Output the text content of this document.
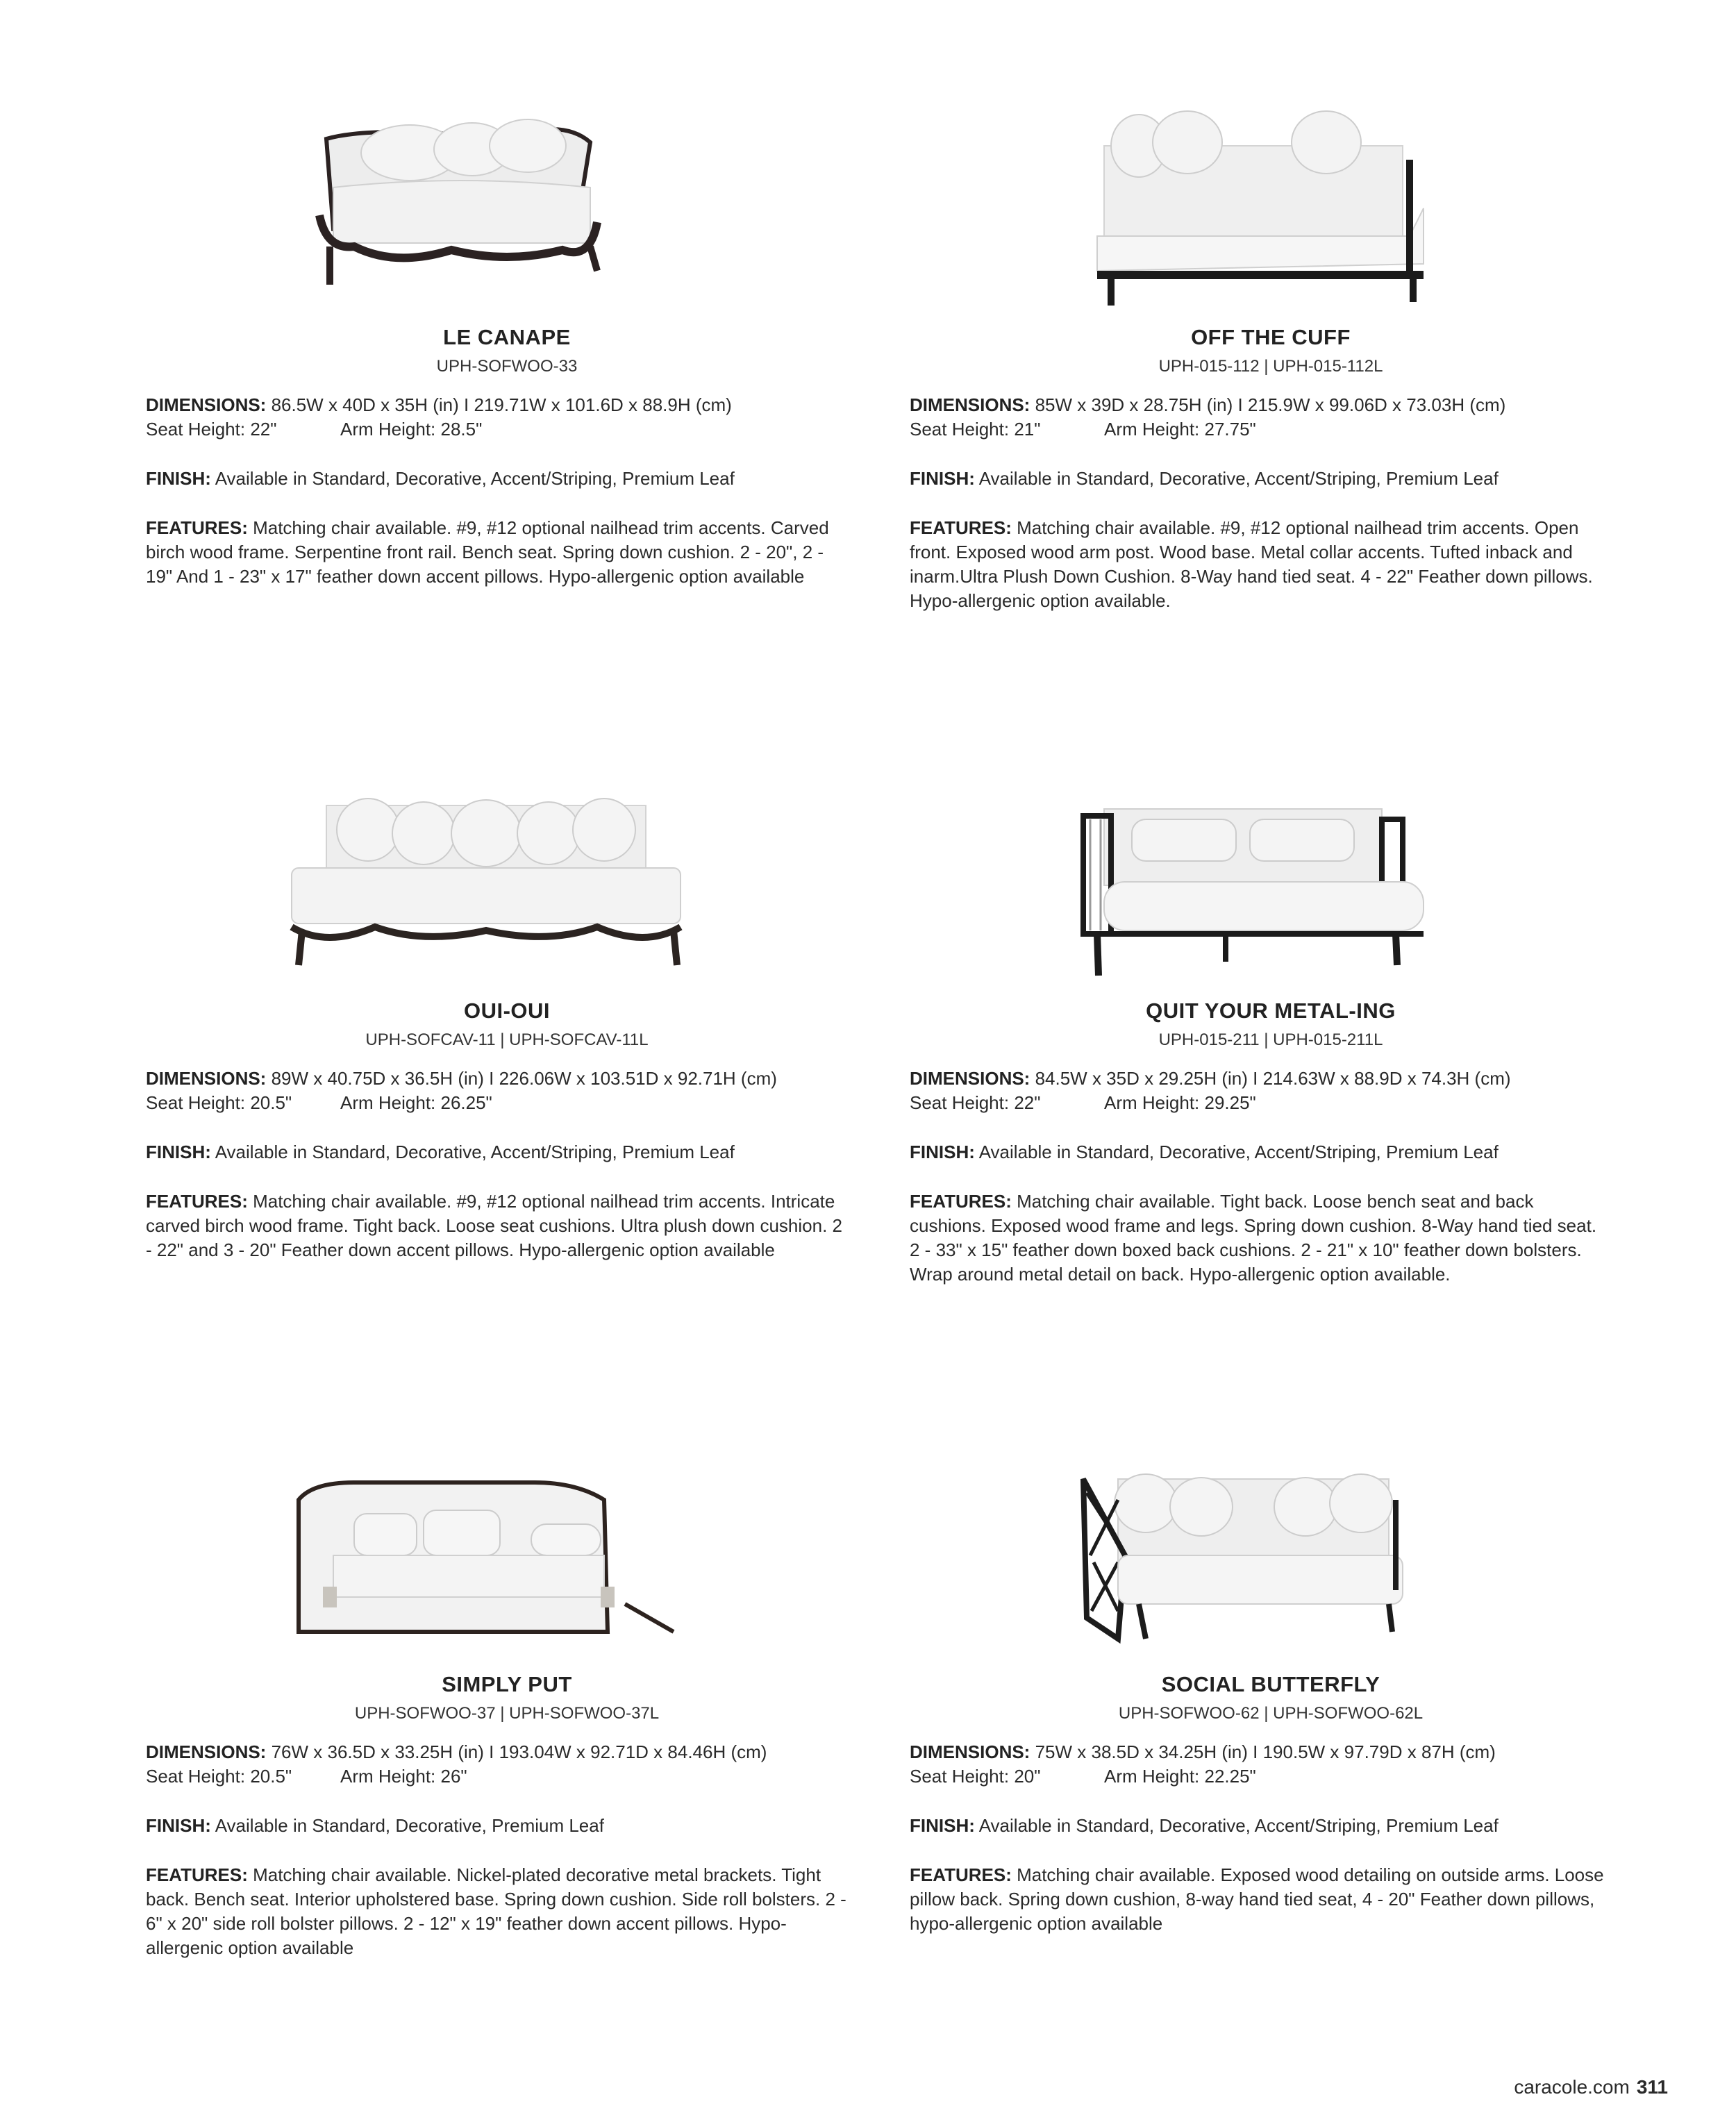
LE CANAPE
UPH-SOFWOO-33
DIMENSIONS: 86.5W x 40D x 35H (in) I 219.71W x 101.6D x 88.9H (cm)
Seat Height: 22"	Arm Height: 28.5"
FINISH: Available in Standard, Decorative, Accent/Striping, Premium Leaf
FEATURES: Matching chair available. #9, #12 optional nailhead trim accents. Carved birch wood frame. Serpentine front rail. Bench seat. Spring down cushion. 2 - 20", 2 - 19" And 1 - 23" x 17" feather down accent pillows. Hypo-allergenic option available
OFF THE CUFF
UPH-015-112 | UPH-015-112L
DIMENSIONS: 85W x 39D x 28.75H (in) I 215.9W x 99.06D x 73.03H (cm)
Seat Height: 21"	Arm Height: 27.75"
FINISH: Available in Standard, Decorative, Accent/Striping, Premium Leaf
FEATURES: Matching chair available. #9, #12 optional nailhead trim accents. Open front. Exposed wood arm post. Wood base. Metal collar accents. Tufted inback and inarm.Ultra Plush Down Cushion. 8-Way hand tied seat. 4 - 22" Feather down pillows. Hypo-allergenic option available.
OUI-OUI
UPH-SOFCAV-11 | UPH-SOFCAV-11L
DIMENSIONS: 89W x 40.75D x 36.5H (in) I 226.06W x 103.51D x 92.71H (cm)
Seat Height: 20.5"	Arm Height: 26.25"
FINISH: Available in Standard, Decorative, Accent/Striping, Premium Leaf
FEATURES: Matching chair available. #9, #12 optional nailhead trim accents. Intricate carved birch wood frame. Tight back. Loose seat cushions. Ultra plush down cushion. 2 - 22" and 3 - 20" Feather down accent pillows. Hypo-allergenic option available
QUIT YOUR METAL-ING
UPH-015-211 | UPH-015-211L
DIMENSIONS: 84.5W x 35D x 29.25H (in) I 214.63W x 88.9D x 74.3H (cm)
Seat Height: 22"	Arm Height: 29.25"
FINISH: Available in Standard, Decorative, Accent/Striping, Premium Leaf
FEATURES: Matching chair available. Tight back. Loose bench seat and back cushions. Exposed wood frame and legs. Spring down cushion. 8-Way hand tied seat. 2 - 33" x 15" feather down boxed back cushions. 2 - 21" x 10" feather down bolsters. Wrap around metal detail on back. Hypo-allergenic option available.
SIMPLY PUT
UPH-SOFWOO-37 | UPH-SOFWOO-37L
DIMENSIONS: 76W x 36.5D x 33.25H (in) I 193.04W x 92.71D x 84.46H (cm)
Seat Height: 20.5"	Arm Height: 26"
FINISH: Available in Standard, Decorative, Premium Leaf
FEATURES: Matching chair available. Nickel-plated decorative metal brackets. Tight back. Bench seat. Interior upholstered base. Spring down cushion. Side roll bolsters. 2 - 6" x 20" side roll bolster pillows. 2 - 12" x 19" feather down accent pillows. Hypo-allergenic option available
SOCIAL BUTTERFLY
UPH-SOFWOO-62 | UPH-SOFWOO-62L
DIMENSIONS: 75W x 38.5D x 34.25H (in) I 190.5W x 97.79D x 87H (cm)
Seat Height: 20"	Arm Height: 22.25"
FINISH: Available in Standard, Decorative, Accent/Striping, Premium Leaf
FEATURES: Matching chair available. Exposed wood detailing on outside arms. Loose pillow back. Spring down cushion, 8-way hand tied seat, 4 - 20" Feather down pillows, hypo-allergenic option available
caracole.com 311
